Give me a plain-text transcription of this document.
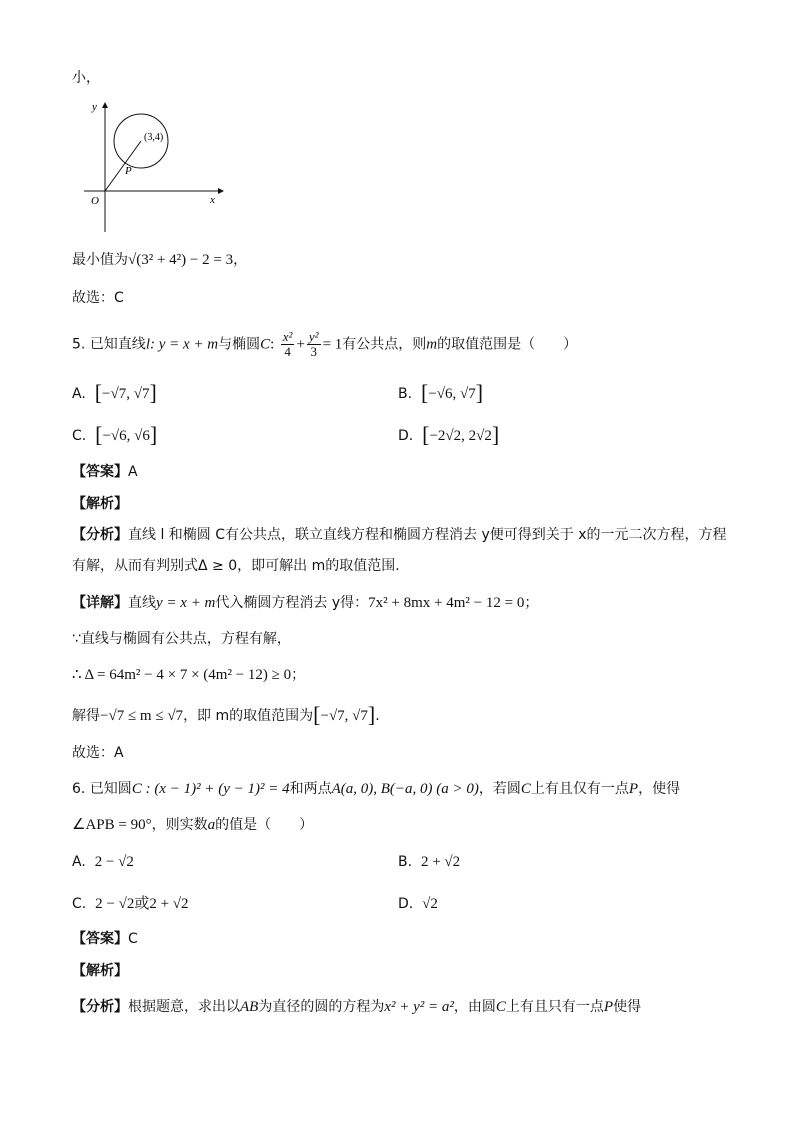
小，
y
x
O
P
(3,4)
最小值为√(3² + 4²) − 2 = 3，
故选：C
5. 已知直线l: y = x + m与椭圆C: $\frac{\text{x²}}{4} + \frac{\text{y²}}{3} = 1$有公共点，则m的取值范围是（　　）
A. [−√7, √7]	B. [−√6, √7]
C. [−√6, √6]	D. [−2√2, 2√2]
【答案】A
【解析】
【分析】直线 l 和椭圆 C有公共点，联立直线方程和椭圆方程消去 y便可得到关于 x的一元二次方程，方程
有解，从而有判别式Δ ≥ 0，即可解出 m的取值范围.
【详解】直线y = x + m代入椭圆方程消去 y得：7x² + 8mx + 4m² − 12 = 0；
∵直线与椭圆有公共点，方程有解，
∴ Δ = 64m² − 4 × 7 × (4m² − 12) ≥ 0；
解得−√7 ≤ m ≤ √7，即 m的取值范围为[−√7, √7].
故选：A
6. 已知圆C : (x − 1)² + (y − 1)² = 4和两点A(a, 0), B(−a, 0) (a > 0)，若圆C上有且仅有一点P，使得
∠APB = 90°，则实数a的值是（　　）
A. 2 − √2	B. 2 + √2
C. 2 − √2或2 + √2	D. √2
【答案】C
【解析】
【分析】根据题意，求出以AB为直径的圆的方程为x² + y² = a²，由圆C上有且只有一点P使得
